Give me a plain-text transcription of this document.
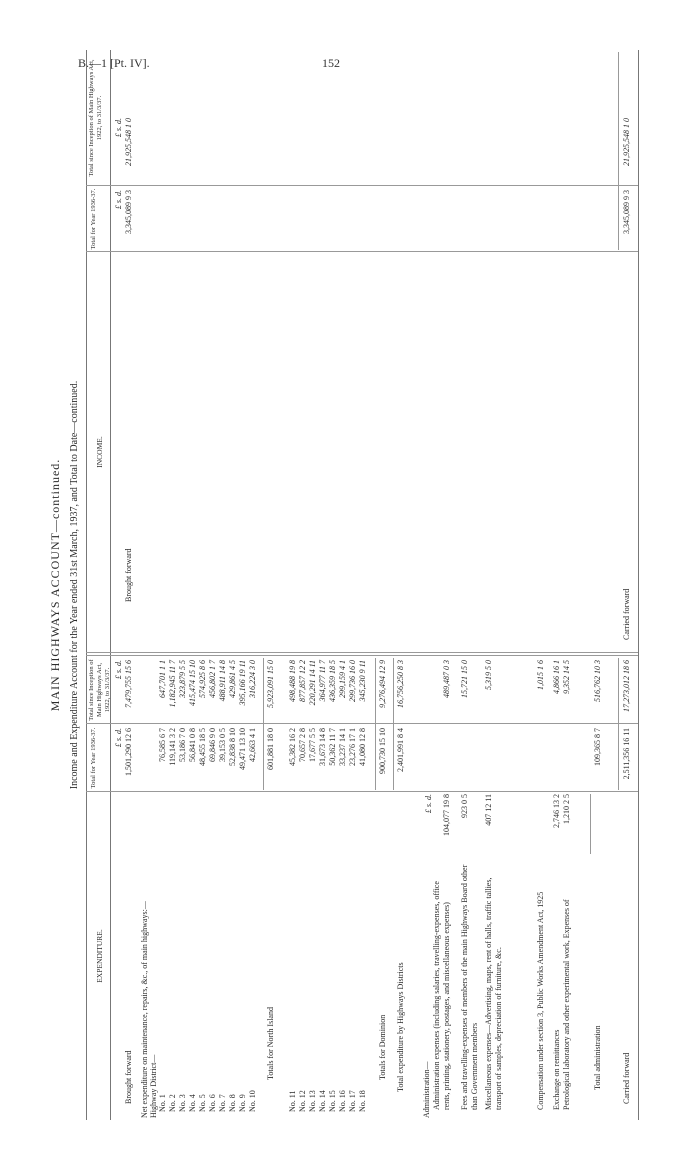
B.—1 [Pt. IV].	152
MAIN HIGHWAYS ACCOUNT—continued. Income and Expenditure Account for the Year ended 31st March, 1937, and Total to Date—continued.
EXPENDITURE.
Total for Year 1936-37.
Total since Inception of Main Highways Act, 1922, to 31/3/37.
INCOME.
Total for Year 1936-37.
Total since Inception of Main Highways Act, 1922, to 31/3/37.
£ s. d.
£ s. d.
£ s. d.
£ s. d.
Brought forward
1,501,290 12 6
7,479,755 15 6
Brought forward
3,345,089 9 3
21,925,548 1 0
Net expenditure on maintenance, repairs, &c., of main highways:— Highway District— No. 1
76,585 6 7
647,701 1 1
No. 2
119,141 3 2
1,182,945 11 7
No. 3
53,186 7 0
323,879 5 5
No. 4
56,841 0 8
415,474 15 10
No. 5
48,455 18 5
574,925 8 6
No. 6
69,846 9 0
456,802 1 7
No. 7
39,153 0 5
488,911 14 8
No. 8
52,838 8 10
429,861 4 5
No. 9
49,471 13 10
395,166 19 11
No. 10
42,663 4 1
316,224 3 0
Totals for North Island
601,881 18 0
5,923,091 15 0
No. 11
45,382 16 2
498,488 19 8
No. 12
70,657 2 8
877,857 12 2
No. 13
17,677 5 5
220,291 14 11
No. 14
31,673 14 8
364,977 11 7
No. 15
50,362 11 7
436,359 18 5
No. 16
33,237 14 1
299,159 4 1
No. 17
23,276 17 1
299,736 16 0
No. 18
41,080 12 8
345,230 9 11
Totals for Dominion
900,730 15 10
9,276,494 12 9
Total expenditure by Highways Districts
2,401,991 8 4
16,756,250 8 3
Administration—
£ s. d.
Administration expenses (including salaries, travelling-expenses, office rents, printing, stationery, postages, and miscellaneous expenses)
104,077 19 8
489,487 0 3
Fees and travelling-expenses of members of the main Highways Board other than Government members
923 0 5
15,721 15 0
Miscellaneous expenses—Advertising, maps, rent of halls, traffic tallies, transport of samples, depreciation of furniture, &c.
407 12 11
5,319 5 0
Compensation under section 3, Public Works Amendment Act, 1925
1,015 1 6
Exchange on remittances
2,746 13 2
4,866 16 1
Petrological laboratory and other experimental work, Expenses of
1,210 2 5
9,352 14 5
Total administration
109,365 8 7
516,762 10 3
Carried forward
2,511,356 16 11
17,273,012 18 6
Carried forward
3,345,089 9 3
21,925,548 1 0
